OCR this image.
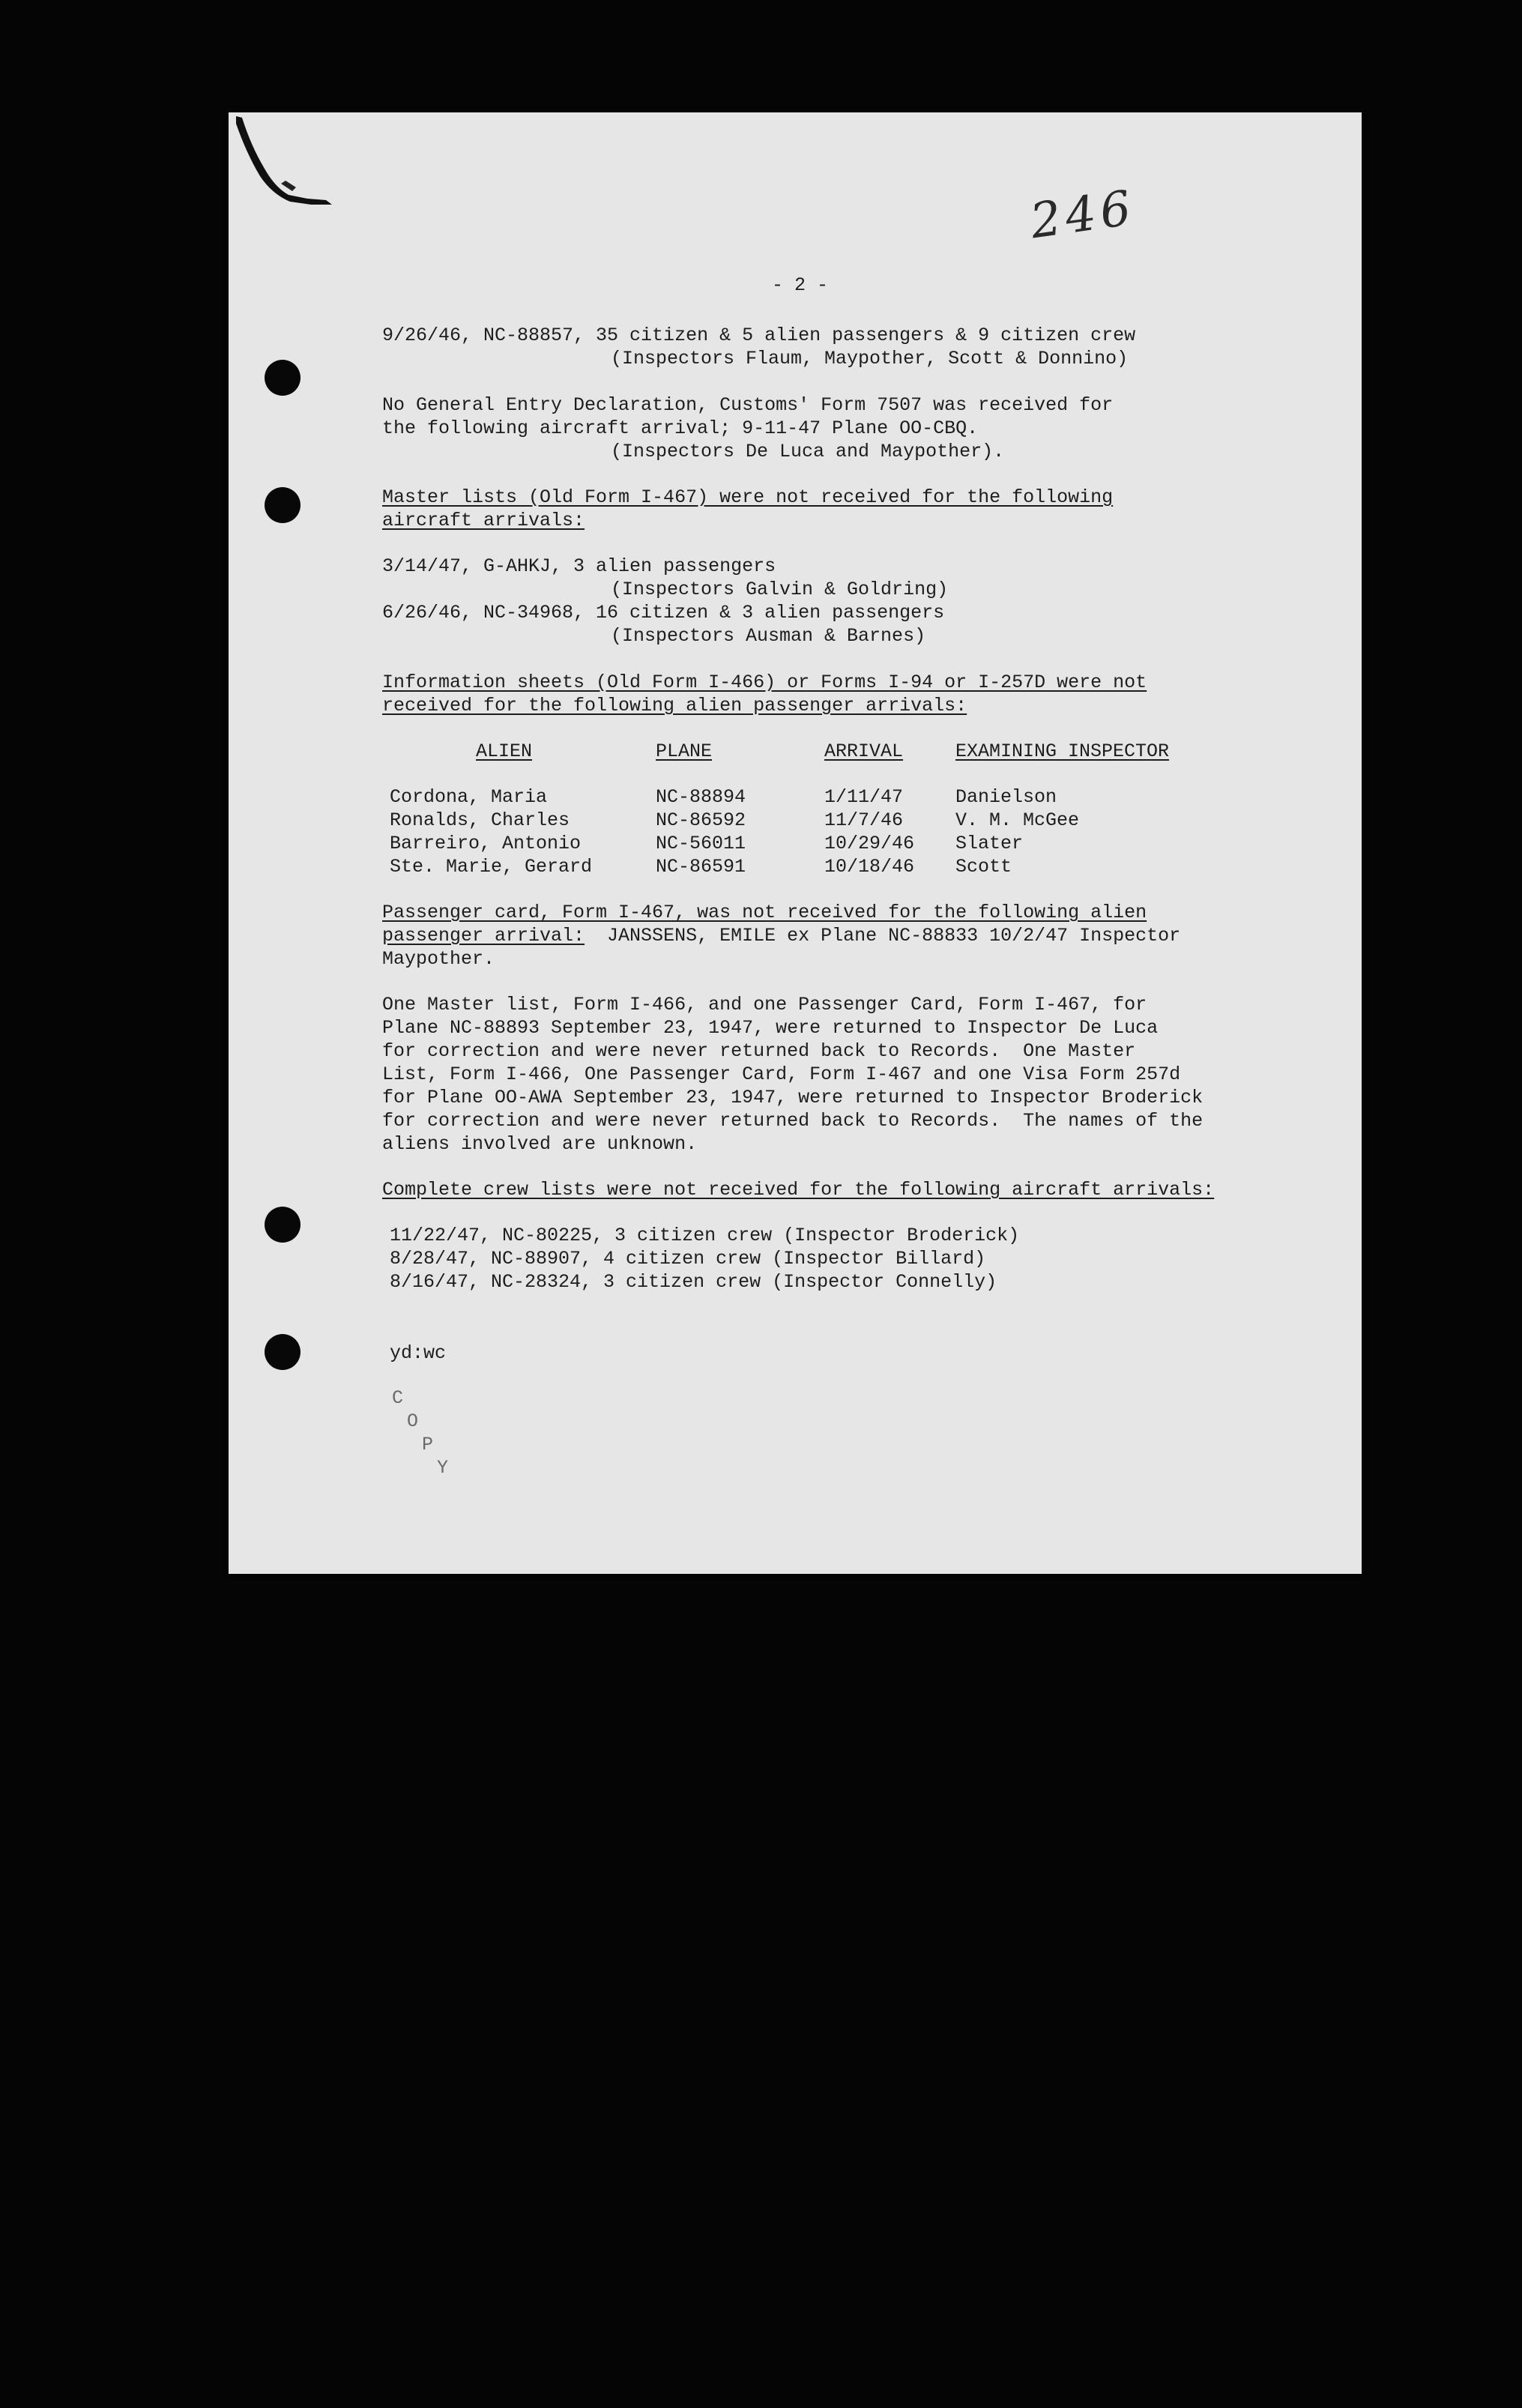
246

- 2 -

9/26/46, NC-88857, 35 citizen & 5 alien passengers & 9 citizen crew

(Inspectors Flaum, Maypother, Scott & Donnino)

No General Entry Declaration, Customs' Form 7507 was received for

the following aircraft arrival; 9-11-47 Plane OO-CBQ.

(Inspectors De Luca and Maypother).

Master lists (Old Form I-467) were not received for the following

aircraft arrivals:

3/14/47, G-AHKJ, 3 alien passengers

(Inspectors Galvin & Goldring)

6/26/46, NC-34968, 16 citizen & 3 alien passengers

(Inspectors Ausman & Barnes)

Information sheets (Old Form I-466) or Forms I-94 or I-257D were not

received for the following alien passenger arrivals:

ALIEN	PLANE	ARRIVAL	EXAMINING INSPECTOR

Cordona, Maria	NC-88894	1/11/47	Danielson

Ronalds, Charles	NC-86592	11/7/46	V. M. McGee

Barreiro, Antonio	NC-56011	10/29/46 Slater

Ste. Marie, Gerard	NC-86591	10/18/46 Scott

Passenger card, Form I-467, was not received for the following alien

passenger arrival:  JANSSENS, EMILE ex Plane NC-88833 10/2/47 Inspector

Maypother.

One Master list, Form I-466, and one Passenger Card, Form I-467, for

Plane NC-88893 September 23, 1947, were returned to Inspector De Luca

for correction and were never returned back to Records.  One Master

List, Form I-466, One Passenger Card, Form I-467 and one Visa Form 257d

for Plane OO-AWA September 23, 1947, were returned to Inspector Broderick

for correction and were never returned back to Records.  The names of the

aliens involved are unknown.

Complete crew lists were not received for the following aircraft arrivals:

11/22/47, NC-80225, 3 citizen crew (Inspector Broderick)

8/28/47, NC-88907, 4 citizen crew (Inspector Billard)

8/16/47, NC-28324, 3 citizen crew (Inspector Connelly)

yd:wc

C

O

P

Y
